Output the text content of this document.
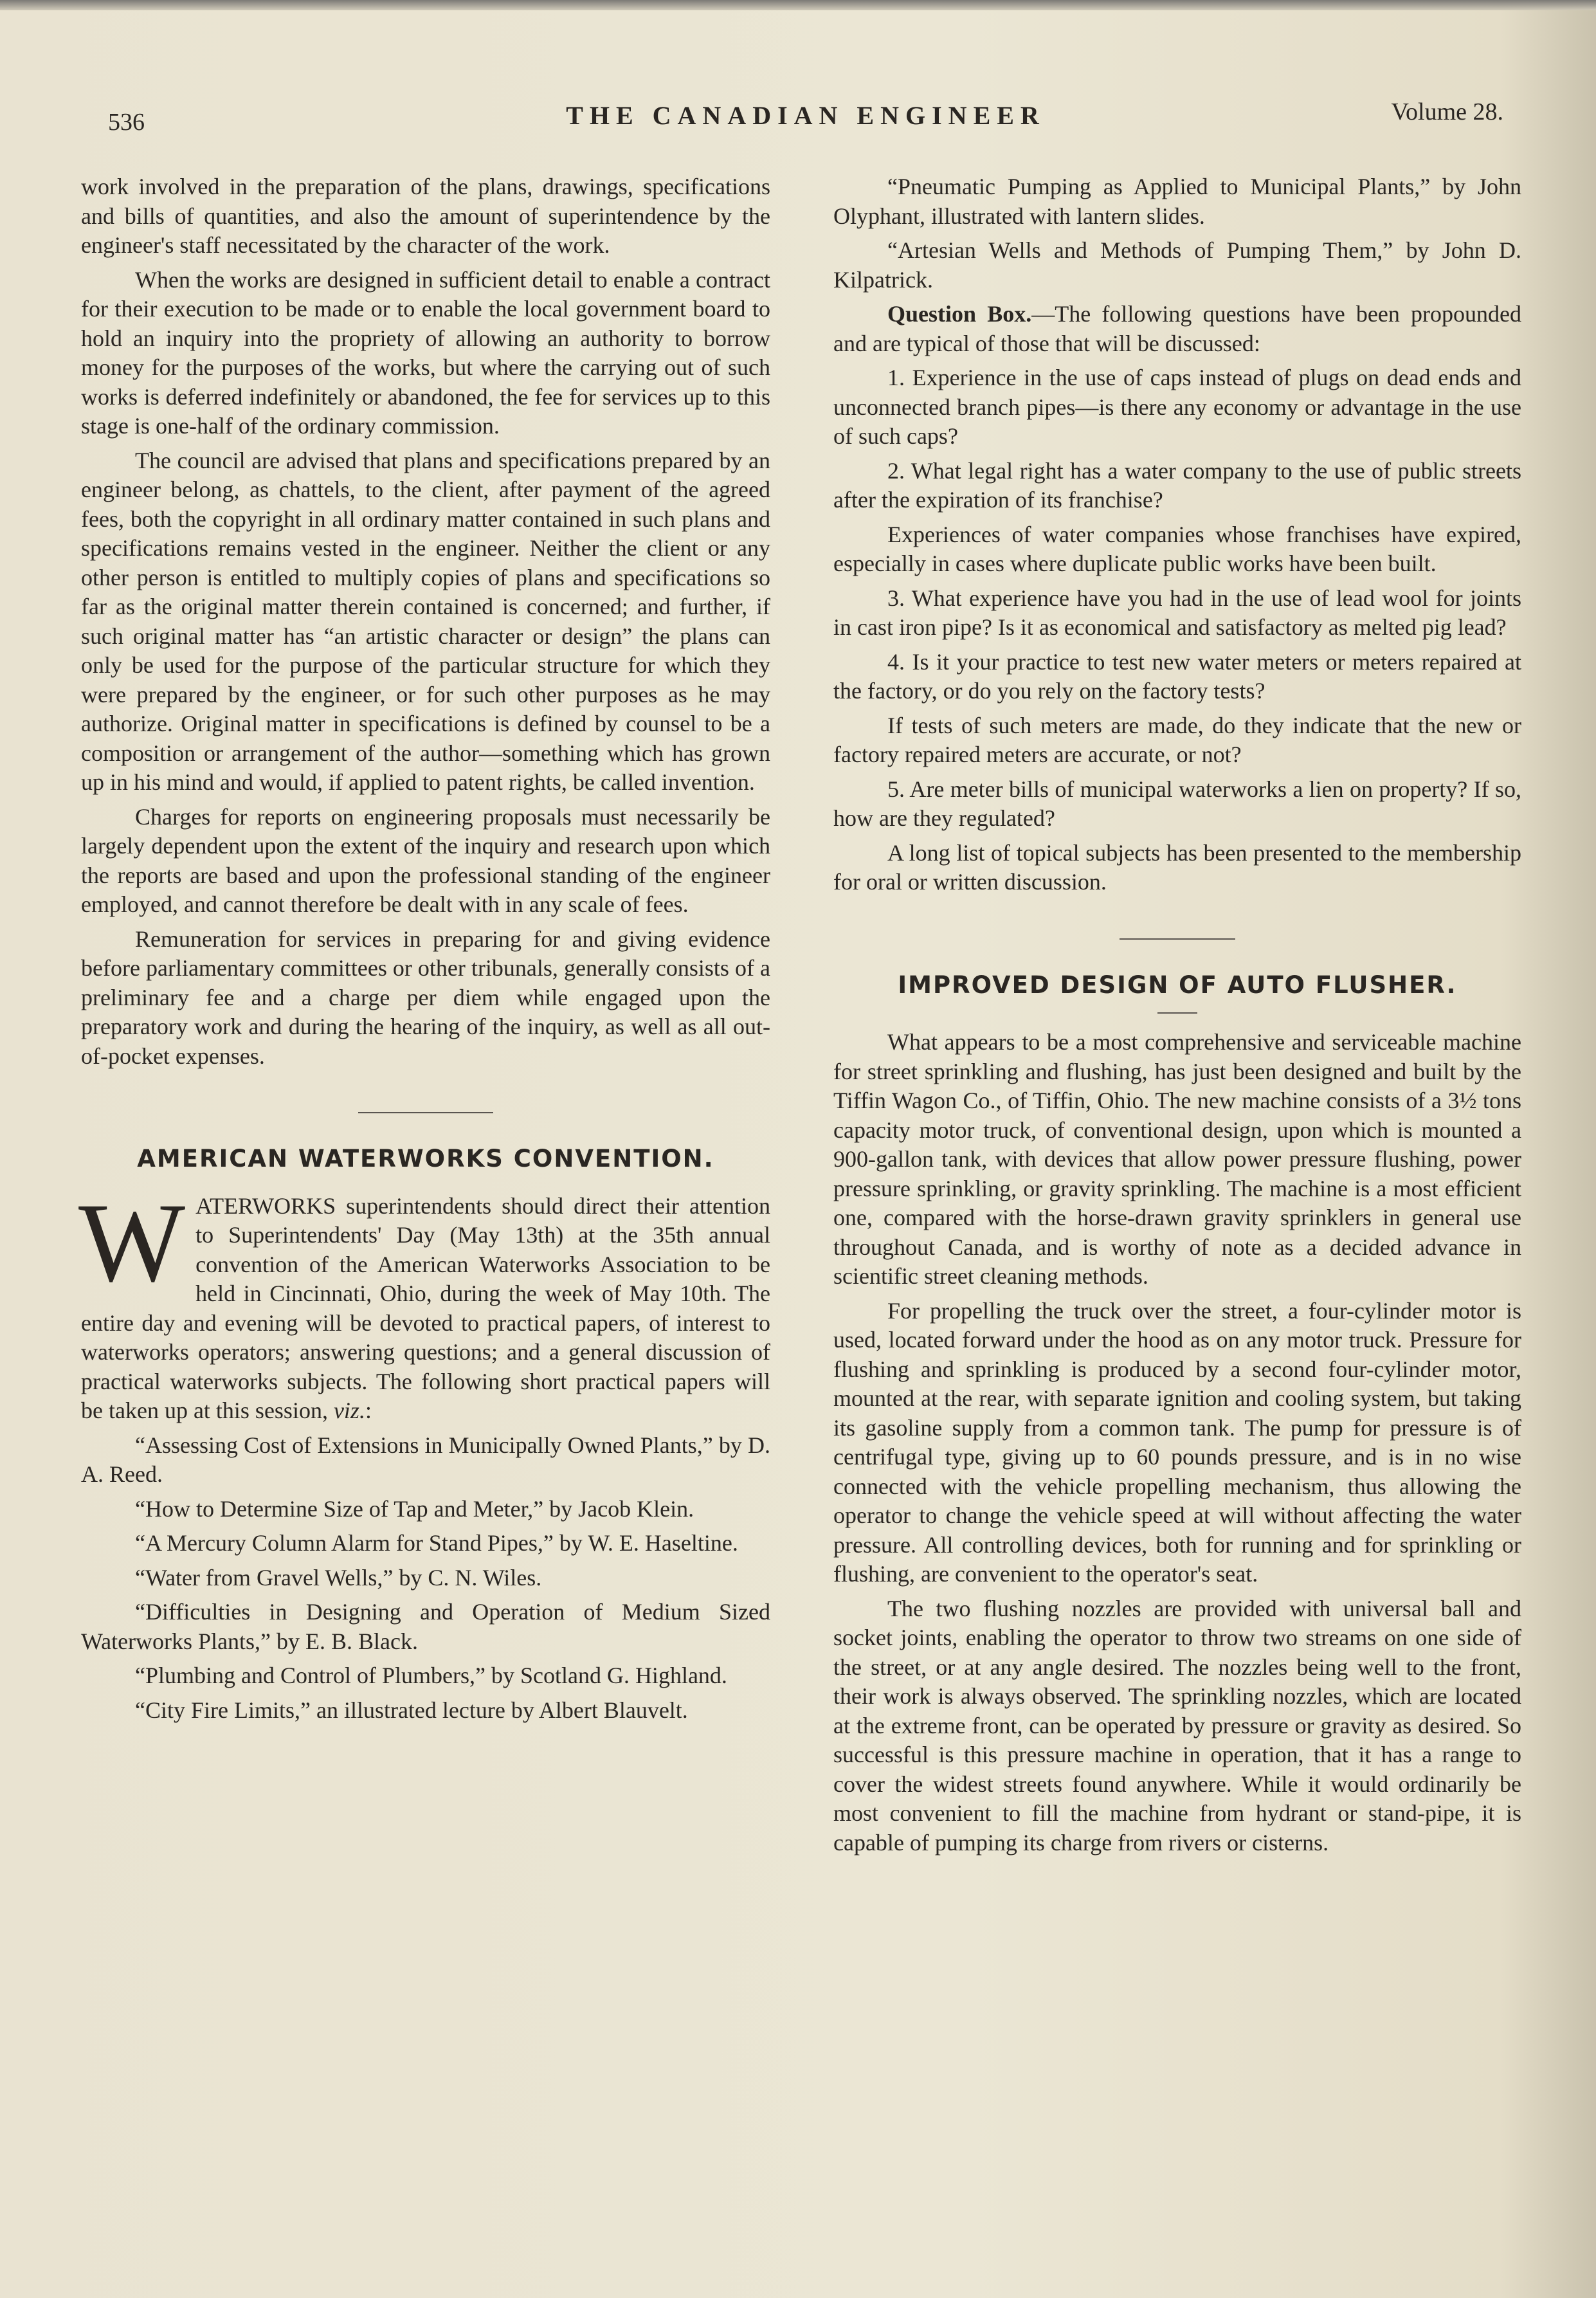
536	THE CANADIAN ENGINEER	Volume 28.

work involved in the preparation of the plans, drawings, specifications and bills of quantities, and also the amount of superintendence by the engineer's staff necessitated by the character of the work.

When the works are designed in sufficient detail to enable a contract for their execution to be made or to enable the local government board to hold an inquiry into the propriety of allowing an authority to borrow money for the purposes of the works, but where the carrying out of such works is deferred indefinitely or abandoned, the fee for services up to this stage is one-half of the ordinary commission.

The council are advised that plans and specifications prepared by an engineer belong, as chattels, to the client, after payment of the agreed fees, both the copyright in all ordinary matter contained in such plans and specifications remains vested in the engineer. Neither the client or any other person is entitled to multiply copies of plans and specifications so far as the original matter therein contained is concerned; and further, if such original matter has “an artistic character or design” the plans can only be used for the purpose of the particular structure for which they were prepared by the engineer, or for such other purposes as he may authorize. Original matter in specifications is defined by counsel to be a composition or arrangement of the author—something which has grown up in his mind and would, if applied to patent rights, be called invention.

Charges for reports on engineering proposals must necessarily be largely dependent upon the extent of the inquiry and research upon which the reports are based and upon the professional standing of the engineer employed, and cannot therefore be dealt with in any scale of fees.

Remuneration for services in preparing for and giving evidence before parliamentary committees or other tribunals, generally consists of a preliminary fee and a charge per diem while engaged upon the preparatory work and during the hearing of the inquiry, as well as all out-of-pocket expenses.

AMERICAN WATERWORKS CONVENTION.

WATERWORKS superintendents should direct their attention to Superintendents' Day (May 13th) at the 35th annual convention of the American Waterworks Association to be held in Cincinnati, Ohio, during the week of May 10th. The entire day and evening will be devoted to practical papers, of interest to waterworks operators; answering questions; and a general discussion of practical waterworks subjects. The following short practical papers will be taken up at this session, viz.:

“Assessing Cost of Extensions in Municipally Owned Plants,” by D. A. Reed.

“How to Determine Size of Tap and Meter,” by Jacob Klein.

“A Mercury Column Alarm for Stand Pipes,” by W. E. Haseltine.

“Water from Gravel Wells,” by C. N. Wiles.

“Difficulties in Designing and Operation of Medium Sized Waterworks Plants,” by E. B. Black.

“Plumbing and Control of Plumbers,” by Scotland G. Highland.

“City Fire Limits,” an illustrated lecture by Albert Blauvelt.

“Pneumatic Pumping as Applied to Municipal Plants,” by John Olyphant, illustrated with lantern slides.

“Artesian Wells and Methods of Pumping Them,” by John D. Kilpatrick.

Question Box.—The following questions have been propounded and are typical of those that will be discussed:

1. Experience in the use of caps instead of plugs on dead ends and unconnected branch pipes—is there any economy or advantage in the use of such caps?

2. What legal right has a water company to the use of public streets after the expiration of its franchise?

Experiences of water companies whose franchises have expired, especially in cases where duplicate public works have been built.

3. What experience have you had in the use of lead wool for joints in cast iron pipe? Is it as economical and satisfactory as melted pig lead?

4. Is it your practice to test new water meters or meters repaired at the factory, or do you rely on the factory tests?

If tests of such meters are made, do they indicate that the new or factory repaired meters are accurate, or not?

5. Are meter bills of municipal waterworks a lien on property? If so, how are they regulated?

A long list of topical subjects has been presented to the membership for oral or written discussion.

IMPROVED DESIGN OF AUTO FLUSHER.

What appears to be a most comprehensive and serviceable machine for street sprinkling and flushing, has just been designed and built by the Tiffin Wagon Co., of Tiffin, Ohio. The new machine consists of a 3½ tons capacity motor truck, of conventional design, upon which is mounted a 900-gallon tank, with devices that allow power pressure flushing, power pressure sprinkling, or gravity sprinkling. The machine is a most efficient one, compared with the horse-drawn gravity sprinklers in general use throughout Canada, and is worthy of note as a decided advance in scientific street cleaning methods.

For propelling the truck over the street, a four-cylinder motor is used, located forward under the hood as on any motor truck. Pressure for flushing and sprinkling is produced by a second four-cylinder motor, mounted at the rear, with separate ignition and cooling system, but taking its gasoline supply from a common tank. The pump for pressure is of centrifugal type, giving up to 60 pounds pressure, and is in no wise connected with the vehicle propelling mechanism, thus allowing the operator to change the vehicle speed at will without affecting the water pressure. All controlling devices, both for running and for sprinkling or flushing, are convenient to the operator's seat.

The two flushing nozzles are provided with universal ball and socket joints, enabling the operator to throw two streams on one side of the street, or at any angle desired. The nozzles being well to the front, their work is always observed. The sprinkling nozzles, which are located at the extreme front, can be operated by pressure or gravity as desired. So successful is this pressure machine in operation, that it has a range to cover the widest streets found anywhere. While it would ordinarily be most convenient to fill the machine from hydrant or stand-pipe, it is capable of pumping its charge from rivers or cisterns.
